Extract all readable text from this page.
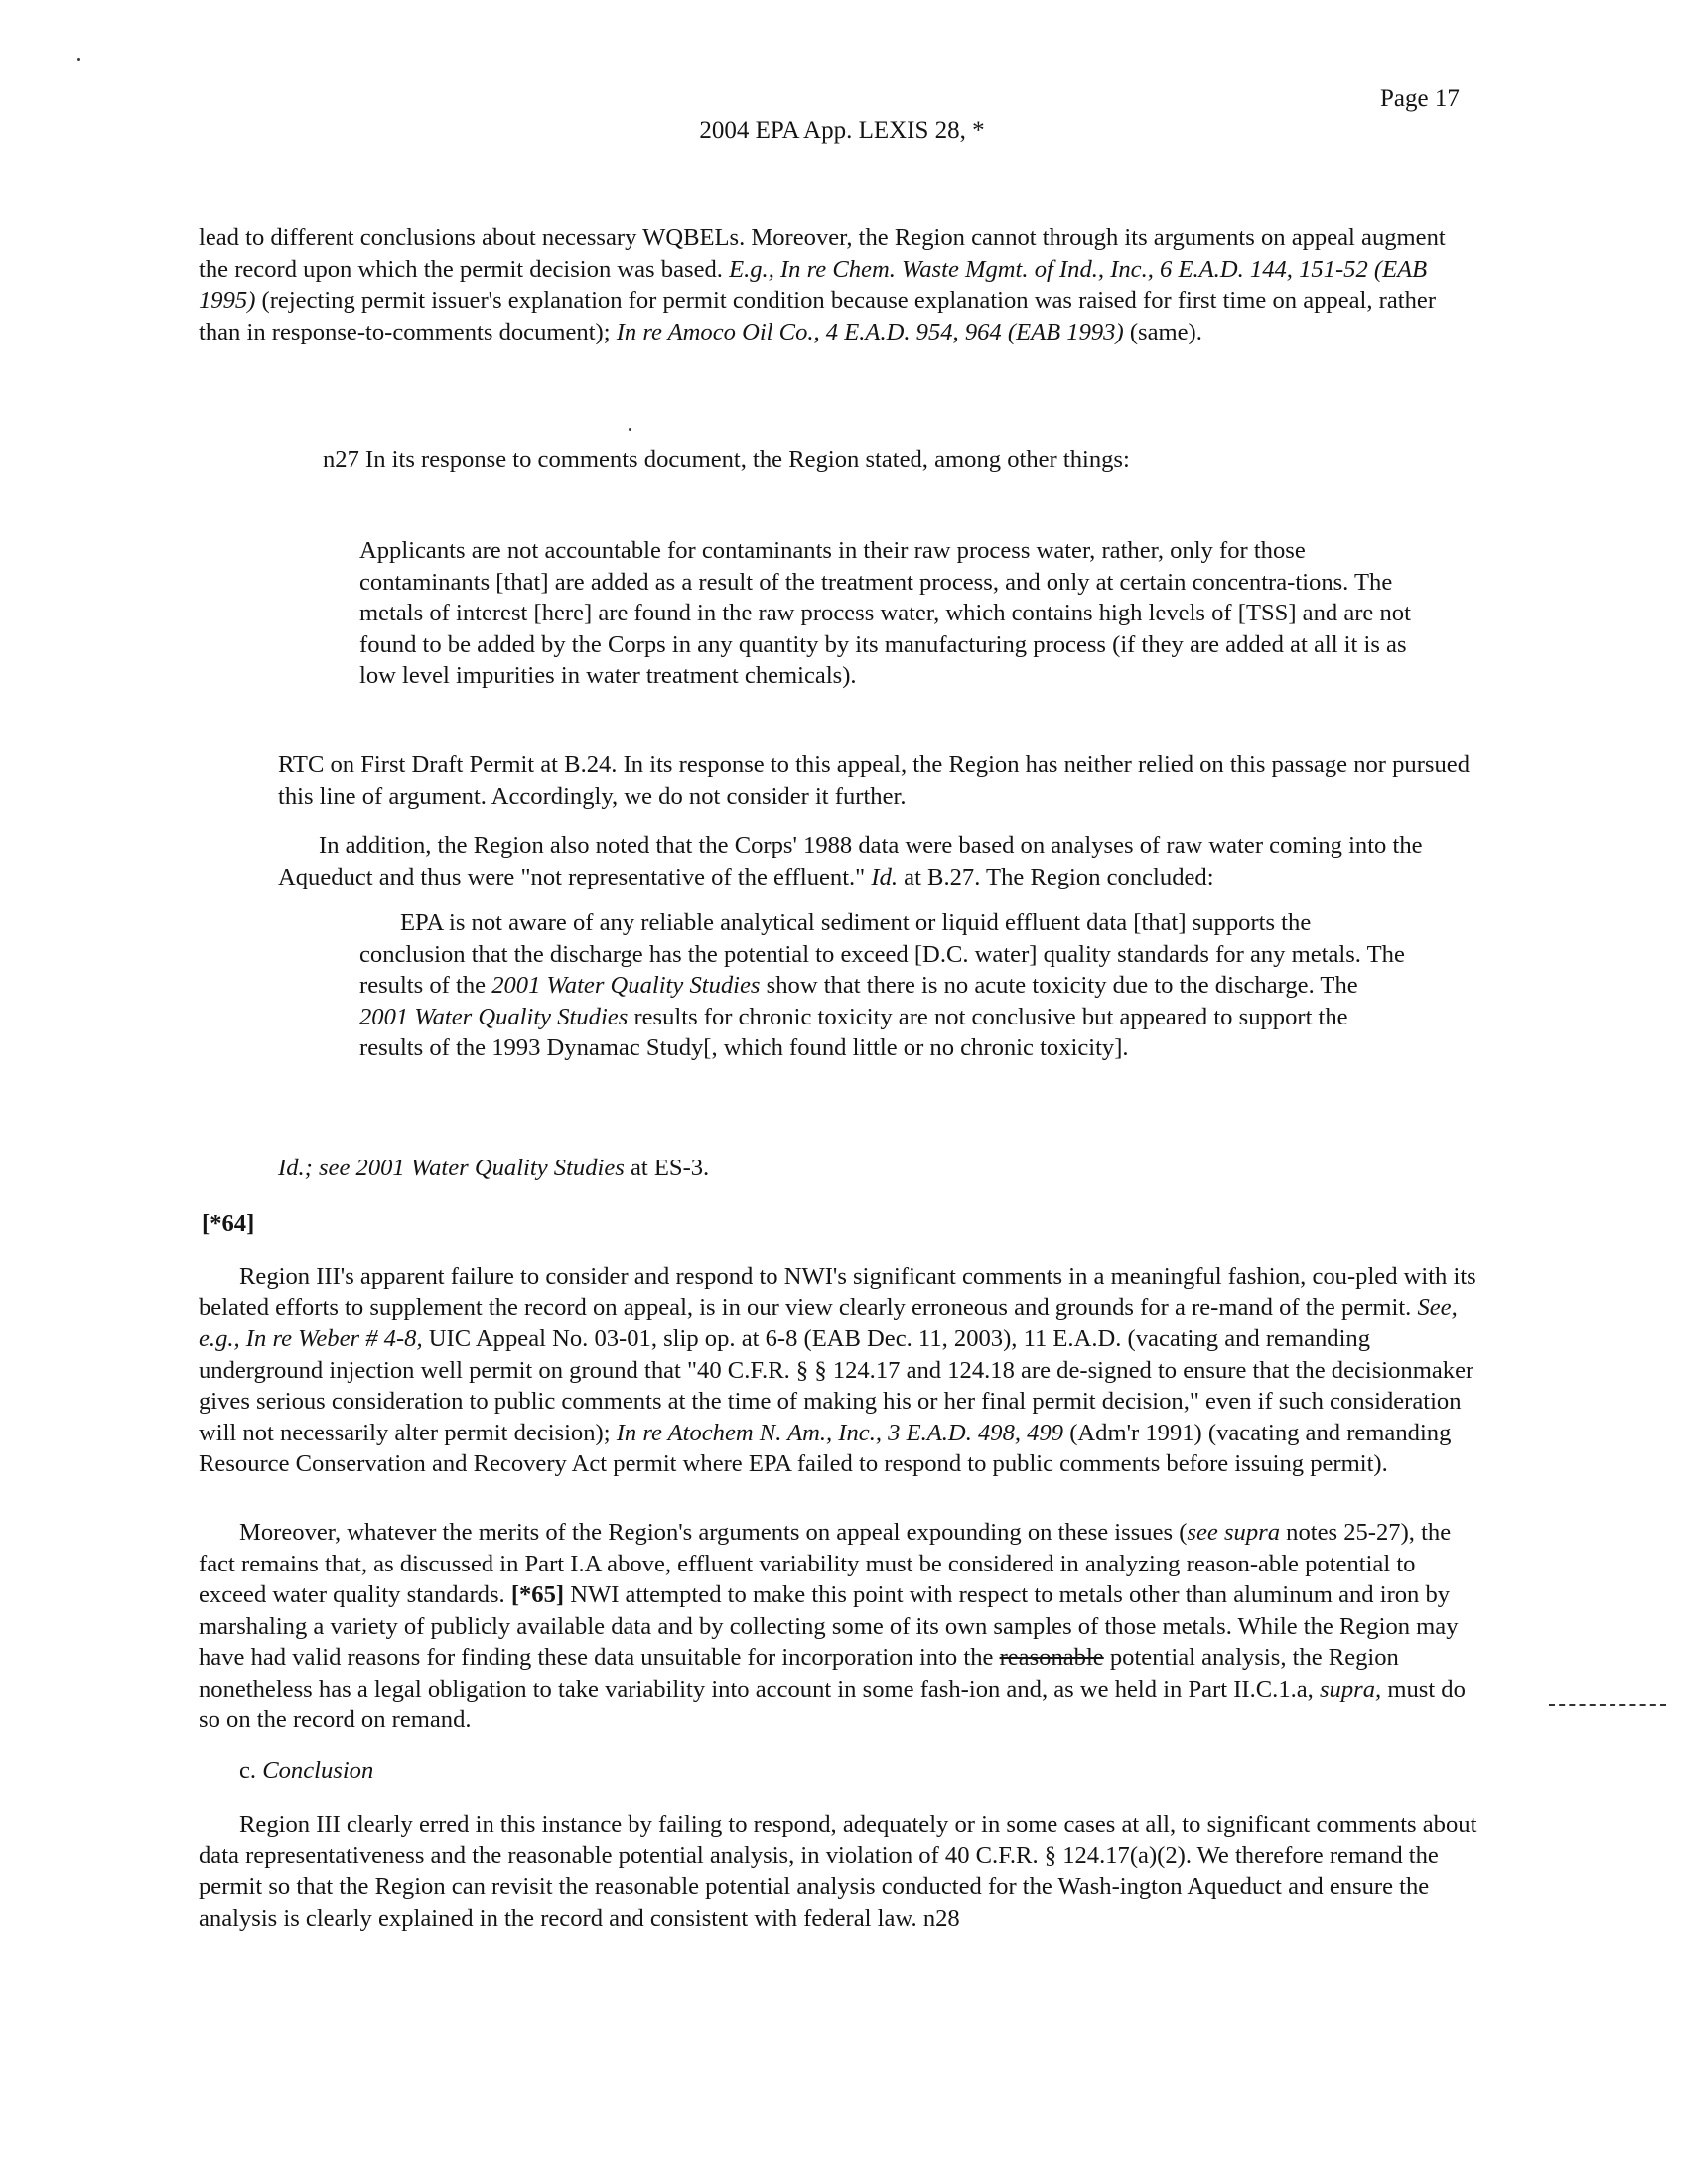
Page 17

2004 EPA App. LEXIS 28, *

lead to different conclusions about necessary WQBELs. Moreover, the Region cannot through its arguments on appeal augment the record upon which the permit decision was based. E.g., In re Chem. Waste Mgmt. of Ind., Inc., 6 E.A.D. 144, 151-52 (EAB 1995) (rejecting permit issuer's explanation for permit condition because explanation was raised for first time on appeal, rather than in response-to-comments document); In re Amoco Oil Co., 4 E.A.D. 954, 964 (EAB 1993) (same).

n27 In its response to comments document, the Region stated, among other things:

Applicants are not accountable for contaminants in their raw process water, rather, only for those contaminants [that] are added as a result of the treatment process, and only at certain concentra-tions. The metals of interest [here] are found in the raw process water, which contains high levels of [TSS] and are not found to be added by the Corps in any quantity by its manufacturing process (if they are added at all it is as low level impurities in water treatment chemicals).

RTC on First Draft Permit at B.24. In its response to this appeal, the Region has neither relied on this passage nor pursued this line of argument. Accordingly, we do not consider it further.

In addition, the Region also noted that the Corps' 1988 data were based on analyses of raw water coming into the Aqueduct and thus were "not representative of the effluent." Id. at B.27. The Region concluded:

EPA is not aware of any reliable analytical sediment or liquid effluent data [that] supports the conclusion that the discharge has the potential to exceed [D.C. water] quality standards for any metals. The results of the 2001 Water Quality Studies show that there is no acute toxicity due to the discharge. The 2001 Water Quality Studies results for chronic toxicity are not conclusive but appeared to support the results of the 1993 Dynamac Study[, which found little or no chronic toxicity].

Id.; see 2001 Water Quality Studies at ES-3.

[*64]

Region III's apparent failure to consider and respond to NWI's significant comments in a meaningful fashion, cou-pled with its belated efforts to supplement the record on appeal, is in our view clearly erroneous and grounds for a re-mand of the permit. See, e.g., In re Weber # 4-8, UIC Appeal No. 03-01, slip op. at 6-8 (EAB Dec. 11, 2003), 11 E.A.D. (vacating and remanding underground injection well permit on ground that "40 C.F.R. § § 124.17 and 124.18 are de-signed to ensure that the decisionmaker gives serious consideration to public comments at the time of making his or her final permit decision," even if such consideration will not necessarily alter permit decision); In re Atochem N. Am., Inc., 3 E.A.D. 498, 499 (Adm'r 1991) (vacating and remanding Resource Conservation and Recovery Act permit where EPA failed to respond to public comments before issuing permit).

Moreover, whatever the merits of the Region's arguments on appeal expounding on these issues (see supra notes 25-27), the fact remains that, as discussed in Part I.A above, effluent variability must be considered in analyzing reason-able potential to exceed water quality standards. [*65] NWI attempted to make this point with respect to metals other than aluminum and iron by marshaling a variety of publicly available data and by collecting some of its own samples of those metals. While the Region may have had valid reasons for finding these data unsuitable for incorporation into the reasonable potential analysis, the Region nonetheless has a legal obligation to take variability into account in some fash-ion and, as we held in Part II.C.1.a, supra, must do so on the record on remand.

c. Conclusion

Region III clearly erred in this instance by failing to respond, adequately or in some cases at all, to significant comments about data representativeness and the reasonable potential analysis, in violation of 40 C.F.R. § 124.17(a)(2). We therefore remand the permit so that the Region can revisit the reasonable potential analysis conducted for the Wash-ington Aqueduct and ensure the analysis is clearly explained in the record and consistent with federal law. n28
